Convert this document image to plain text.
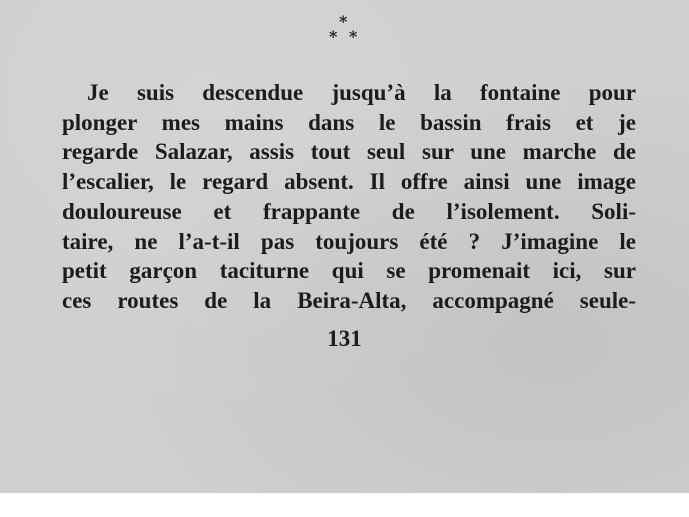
*
* *

Je suis descendue jusqu’à la fontaine pour
plonger mes mains dans le bassin frais et je
regarde Salazar, assis tout seul sur une marche de
l’escalier, le regard absent. Il offre ainsi une image
douloureuse et frappante de l’isolement. Soli-
taire, ne l’a-t-il pas toujours été ? J’imagine le
petit garçon taciturne qui se promenait ici, sur
ces routes de la Beira-Alta, accompagné seule-

131
